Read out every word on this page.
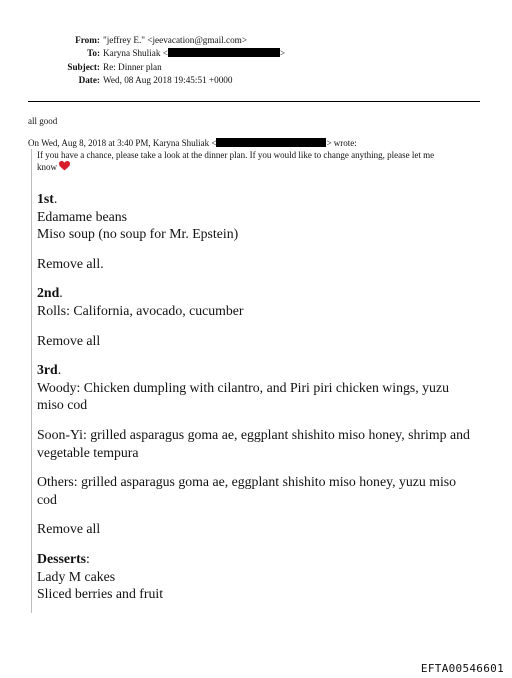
From: "jeffrey E." <jeevacation@gmail.com>
To: Karyna Shuliak <	>
Subject: Re: Dinner plan
Date: Wed, 08 Aug 2018 19:45:51 +0000
all good
On Wed, Aug 8, 2018 at 3:40 PM, Karyna Shuliak <	> wrote:
If you have a chance, please take a look at the dinner plan. If you would like to change anything, please let me
know

1st.

Edamame beans

Miso soup (no soup for Mr. Epstein)

Remove all.

2nd.

Rolls: California, avocado, cucumber

Remove all

3rd.

Woody: Chicken dumpling with cilantro, and Piri piri chicken wings, yuzu

miso cod

Soon-Yi: grilled asparagus goma ae, eggplant shishito miso honey, shrimp and

vegetable tempura

Others: grilled asparagus goma ae, eggplant shishito miso honey, yuzu miso

cod

Remove all

Desserts:

Lady M cakes

Sliced berries and fruit

EFTA00546601
